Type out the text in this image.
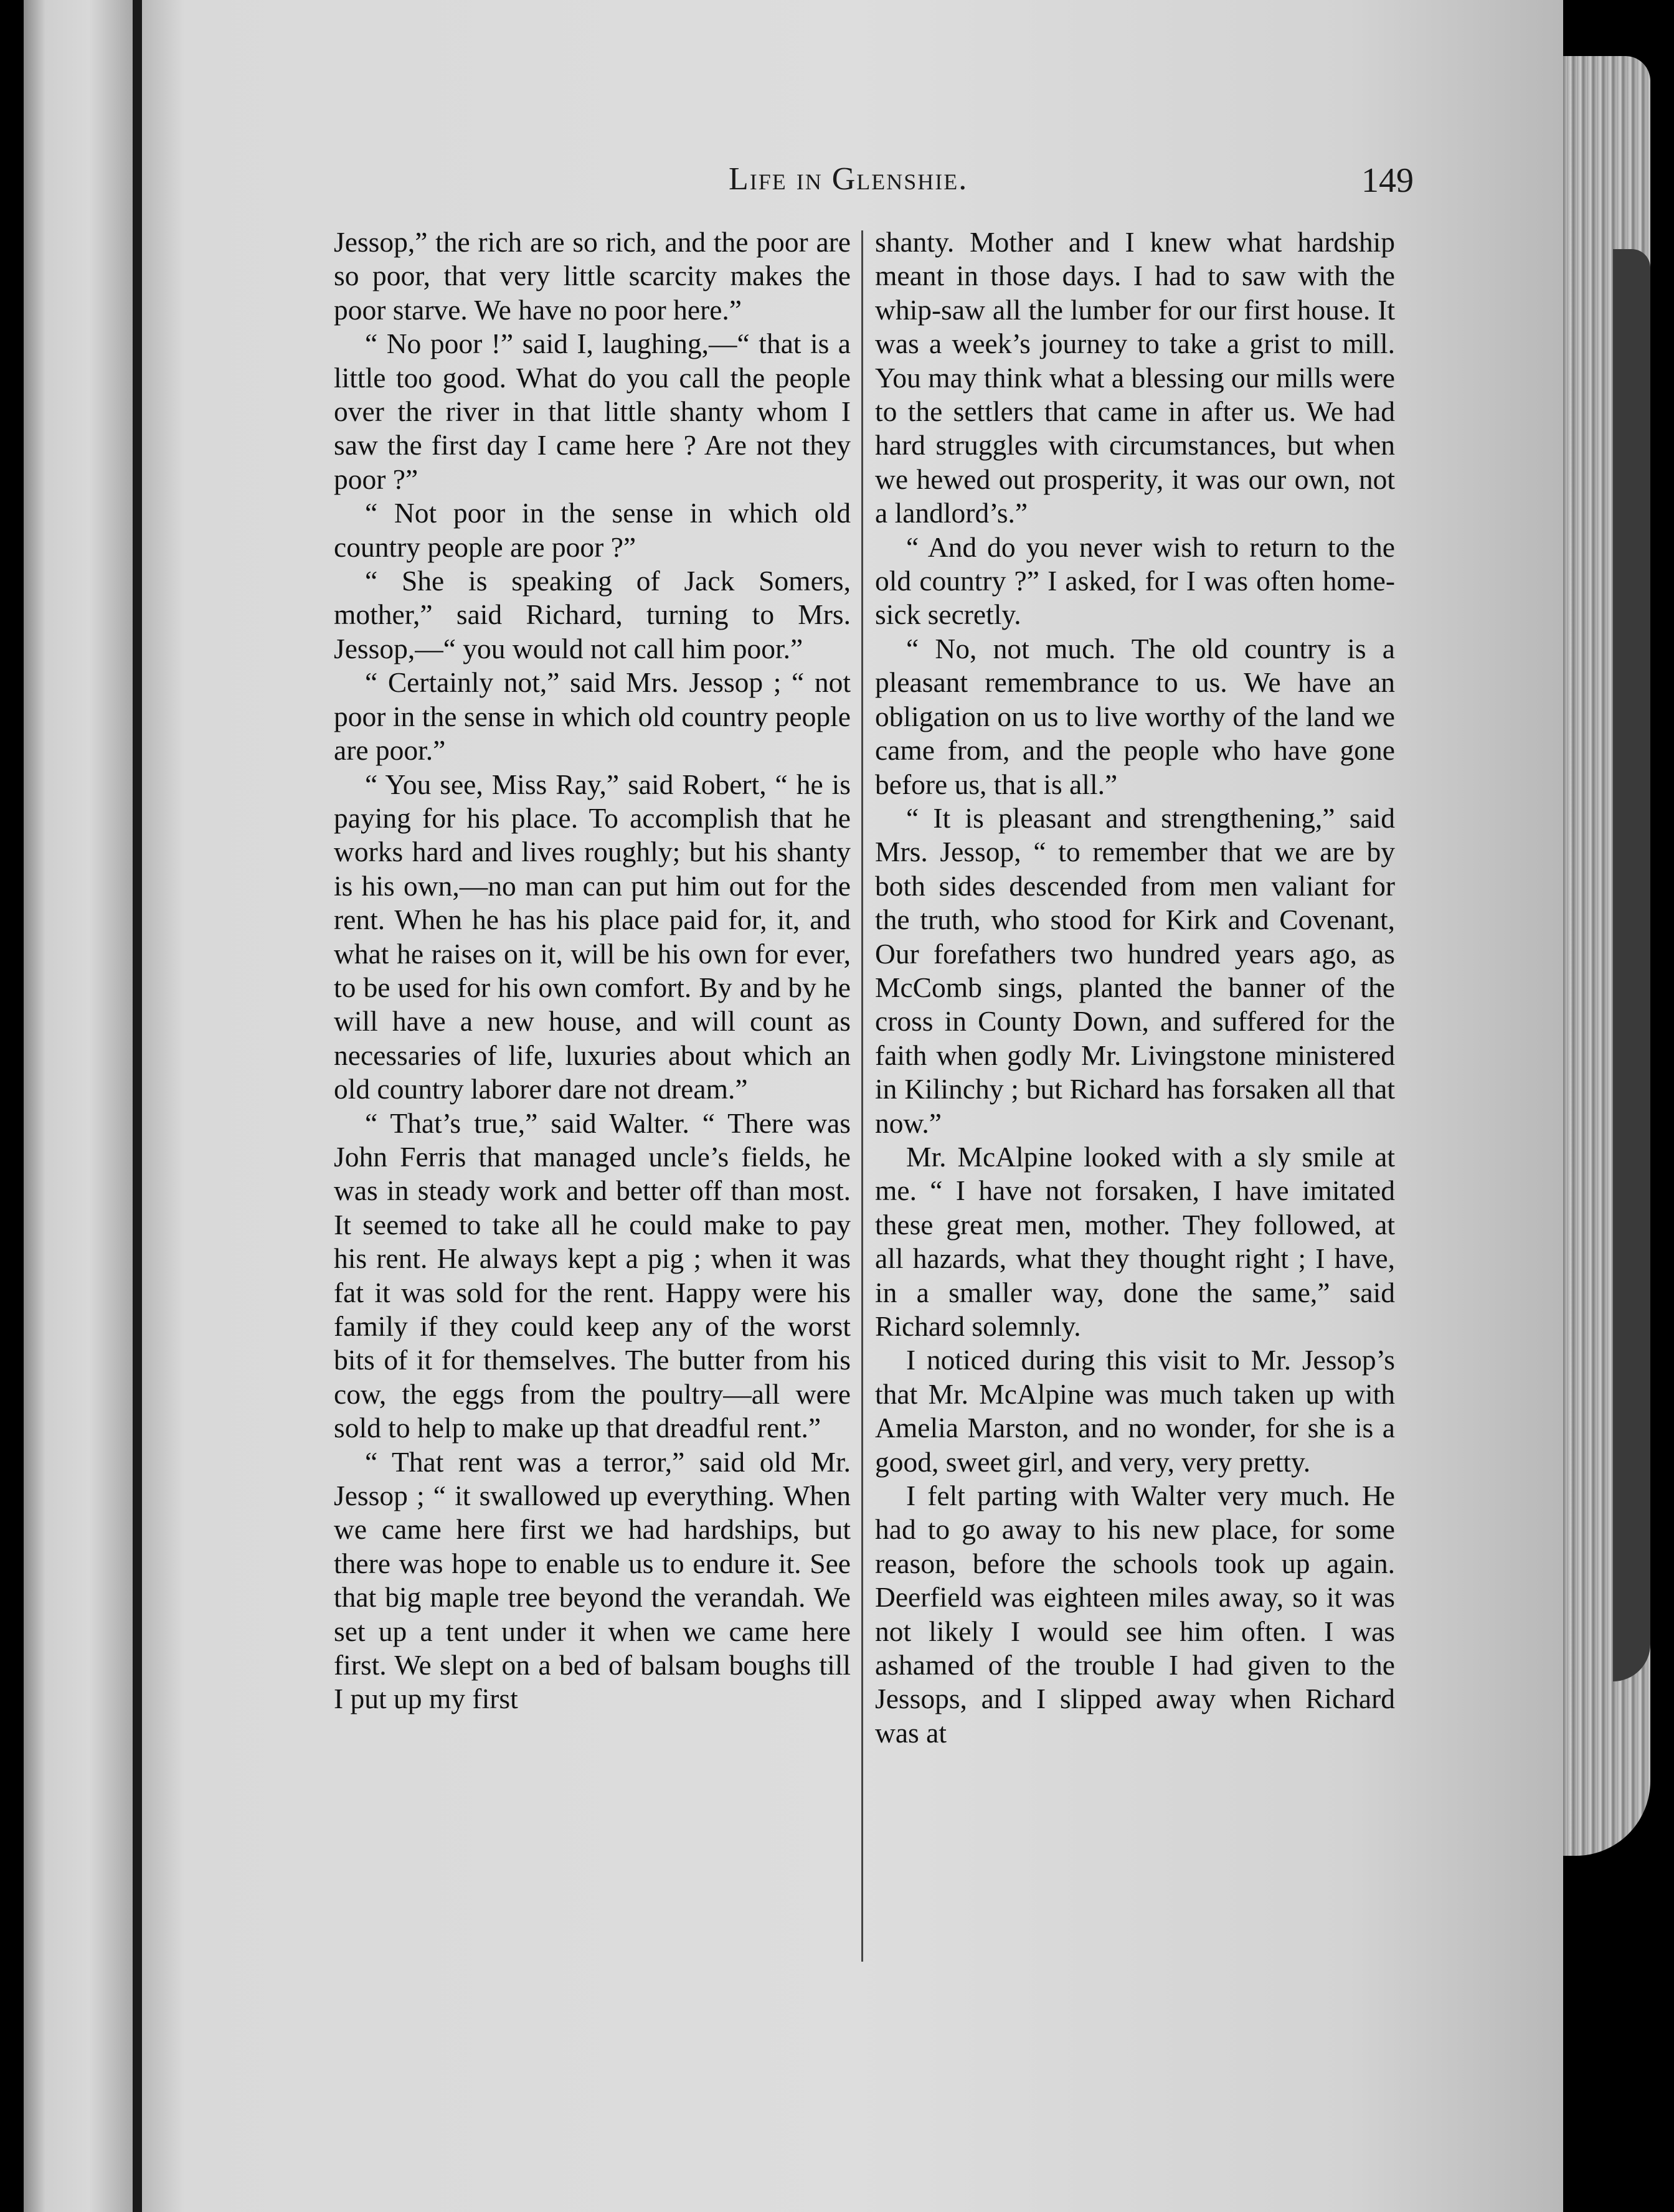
Life in Glenshie.	149

Jessop,” the rich are so rich, and the poor are so poor, that very little scarcity makes the poor starve. We have no poor here.”

“ No poor !” said I, laughing,—“ that is a little too good. What do you call the people over the river in that little shanty whom I saw the first day I came here ? Are not they poor ?”

“ Not poor in the sense in which old country people are poor ?”

“ She is speaking of Jack Somers, mother,” said Richard, turning to Mrs. Jessop,—“ you would not call him poor.”

“ Certainly not,” said Mrs. Jessop ; “ not poor in the sense in which old country people are poor.”

“ You see, Miss Ray,” said Robert, “ he is paying for his place. To accomplish that he works hard and lives roughly; but his shanty is his own,—no man can put him out for the rent. When he has his place paid for, it, and what he raises on it, will be his own for ever, to be used for his own comfort. By and by he will have a new house, and will count as necessaries of life, luxuries about which an old country laborer dare not dream.”

“ That’s true,” said Walter. “ There was John Ferris that managed uncle’s fields, he was in steady work and better off than most. It seemed to take all he could make to pay his rent. He always kept a pig ; when it was fat it was sold for the rent. Happy were his family if they could keep any of the worst bits of it for themselves. The butter from his cow, the eggs from the poultry—all were sold to help to make up that dreadful rent.”

“ That rent was a terror,” said old Mr. Jessop ; “ it swallowed up everything. When we came here first we had hardships, but there was hope to enable us to endure it. See that big maple tree beyond the verandah. We set up a tent under it when we came here first. We slept on a bed of balsam boughs till I put up my first

shanty. Mother and I knew what hardship meant in those days. I had to saw with the whip-saw all the lumber for our first house. It was a week’s journey to take a grist to mill. You may think what a blessing our mills were to the settlers that came in after us. We had hard struggles with circumstances, but when we hewed out prosperity, it was our own, not a landlord’s.”

“ And do you never wish to return to the old country ?” I asked, for I was often home-sick secretly.

“ No, not much. The old country is a pleasant remembrance to us. We have an obligation on us to live worthy of the land we came from, and the people who have gone before us, that is all.”

“ It is pleasant and strengthening,” said Mrs. Jessop, “ to remember that we are by both sides descended from men valiant for the truth, who stood for Kirk and Covenant, Our forefathers two hundred years ago, as McComb sings, planted the banner of the cross in County Down, and suffered for the faith when godly Mr. Livingstone ministered in Kilinchy ; but Richard has forsaken all that now.”

Mr. McAlpine looked with a sly smile at me. “ I have not forsaken, I have imitated these great men, mother. They followed, at all hazards, what they thought right ; I have, in a smaller way, done the same,” said Richard solemnly.

I noticed during this visit to Mr. Jessop’s that Mr. McAlpine was much taken up with Amelia Marston, and no wonder, for she is a good, sweet girl, and very, very pretty.

I felt parting with Walter very much. He had to go away to his new place, for some reason, before the schools took up again. Deerfield was eighteen miles away, so it was not likely I would see him often. I was ashamed of the trouble I had given to the Jessops, and I slipped away when Richard was at
